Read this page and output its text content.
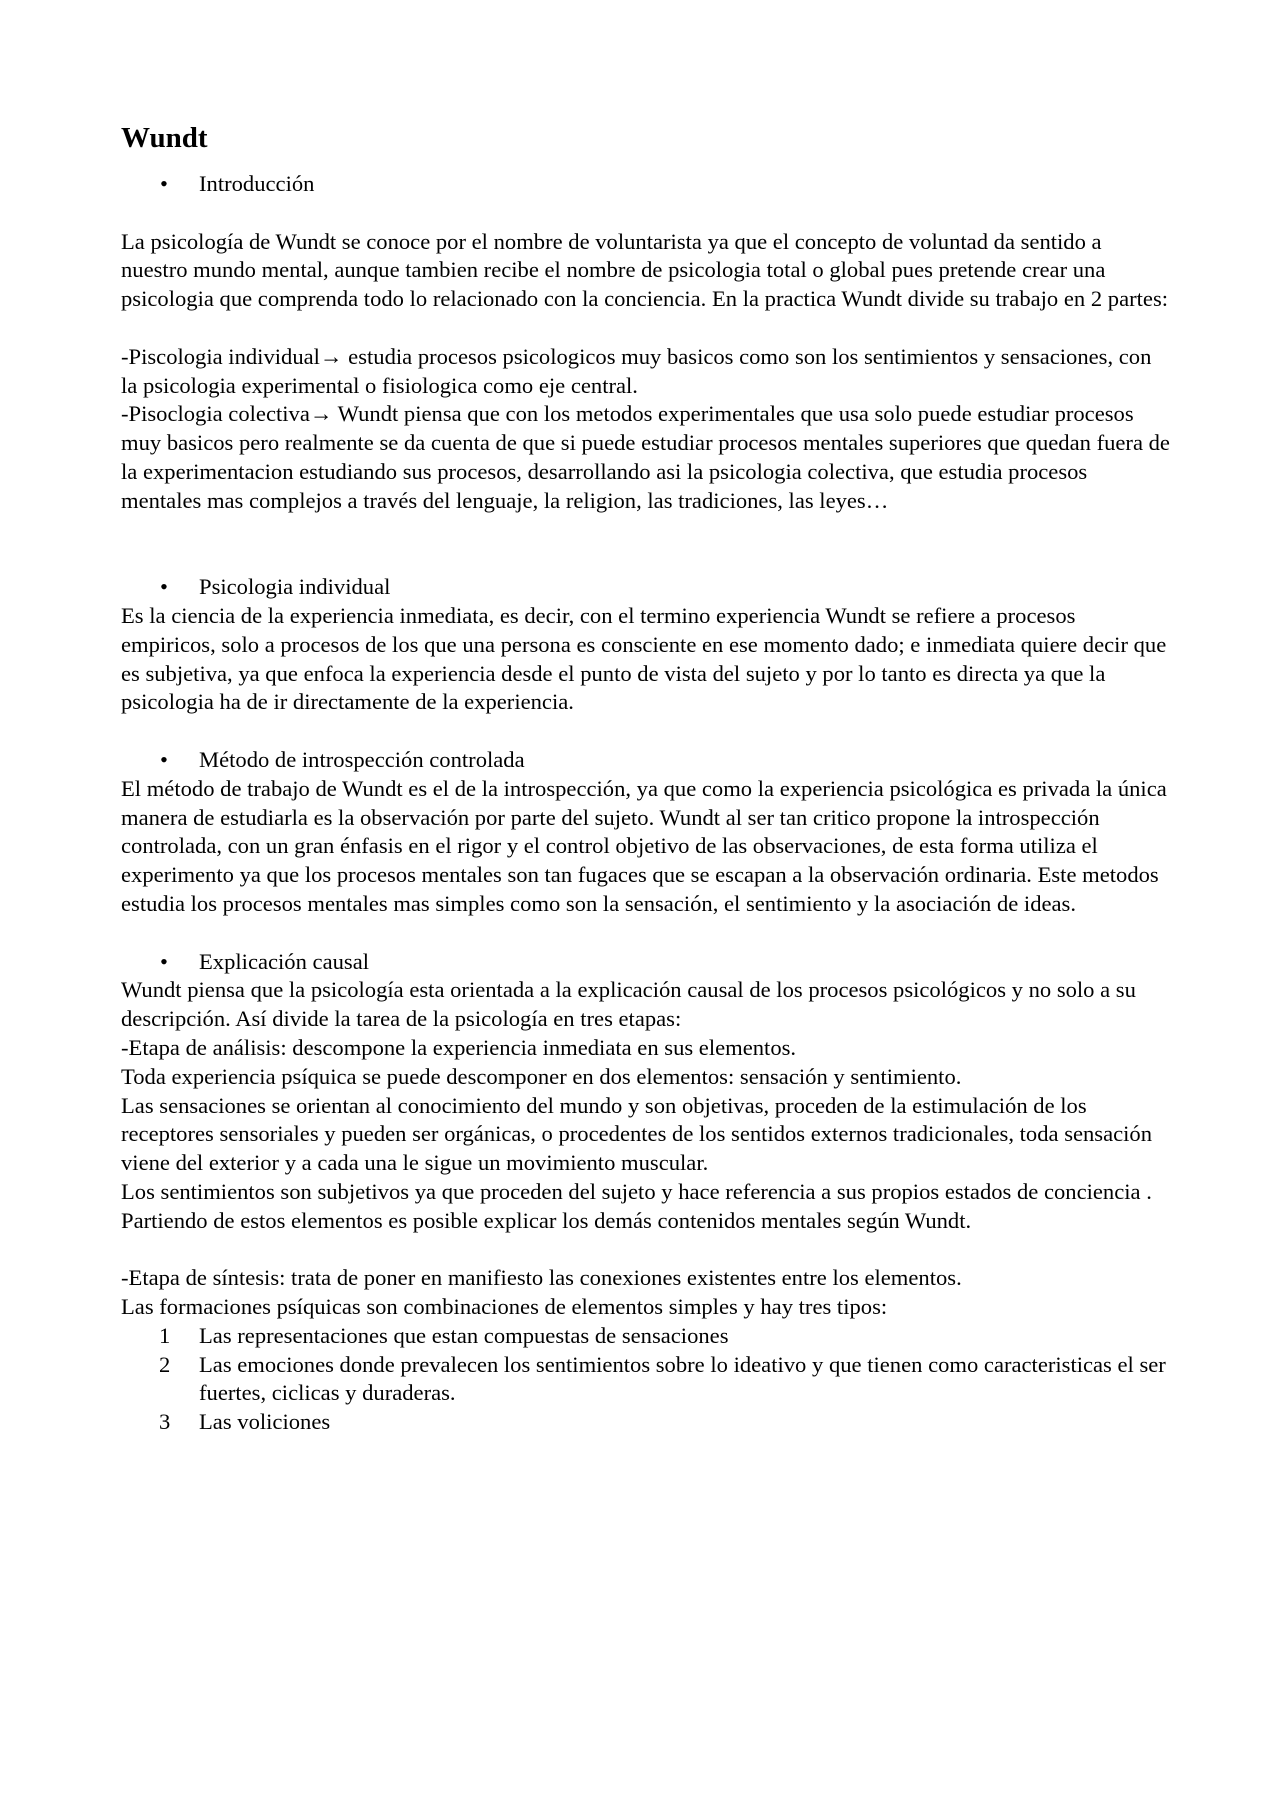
Wundt
•	Introducción

La psicología de Wundt se conoce por el nombre de voluntarista ya que el concepto de voluntad da sentido a nuestro mundo mental, aunque tambien recibe el nombre de psicologia total o global pues pretende crear una psicologia que comprenda todo lo relacionado con la conciencia. En la practica Wundt divide su trabajo en 2 partes:

-Piscologia individual→ estudia procesos psicologicos muy basicos como son los sentimientos y sensaciones, con la psicologia experimental o fisiologica como eje central.

-Pisoclogia colectiva→ Wundt piensa que con los metodos experimentales que usa solo puede estudiar procesos muy basicos pero realmente se da cuenta de que si puede estudiar procesos mentales superiores que quedan fuera de la experimentacion estudiando sus procesos, desarrollando asi la psicologia colectiva, que estudia procesos mentales mas complejos a través del lenguaje, la religion, las tradiciones, las leyes…

•	Psicologia individual

Es la ciencia de la experiencia inmediata, es decir, con el termino experiencia Wundt se refiere a procesos empiricos, solo a procesos de los que una persona es consciente en ese momento dado; e inmediata quiere decir que es subjetiva, ya que enfoca la experiencia desde el punto de vista del sujeto y por lo tanto es directa ya que la psicologia ha de ir directamente de la experiencia.

•	Método de introspección controlada

El método de trabajo de Wundt es el de la introspección, ya que como la experiencia psicológica es privada la única manera de estudiarla es la observación por parte del sujeto. Wundt al ser tan critico propone la introspección controlada, con un gran énfasis en el rigor y el control objetivo de las observaciones, de esta forma utiliza el experimento ya que los procesos mentales son tan fugaces que se escapan a la observación ordinaria. Este metodos estudia los procesos mentales mas simples como son la sensación, el sentimiento y la asociación de ideas.

•	Explicación causal

Wundt piensa que la psicología esta orientada a la explicación causal de los procesos psicológicos y no solo a su descripción. Así divide la tarea de la psicología en tres etapas:

-Etapa de análisis: descompone la experiencia inmediata en sus elementos.

Toda experiencia psíquica se puede descomponer en dos elementos: sensación y sentimiento.

Las sensaciones se orientan al conocimiento del mundo y son objetivas, proceden de la estimulación de los receptores sensoriales y pueden ser orgánicas, o procedentes de los sentidos externos tradicionales, toda sensación viene del exterior y a cada una le sigue un movimiento muscular.

Los sentimientos son subjetivos ya que proceden del sujeto y hace referencia a sus propios estados de conciencia .

Partiendo de estos elementos es posible explicar los demás contenidos mentales según Wundt.

-Etapa de síntesis: trata de poner en manifiesto las conexiones existentes entre los elementos.

Las formaciones psíquicas son combinaciones de elementos simples y hay tres tipos:

1	Las representaciones que estan compuestas de sensaciones
2	Las emociones donde prevalecen los sentimientos sobre lo ideativo y que tienen como caracteristicas el ser fuertes, ciclicas y duraderas.
3	Las voliciones
